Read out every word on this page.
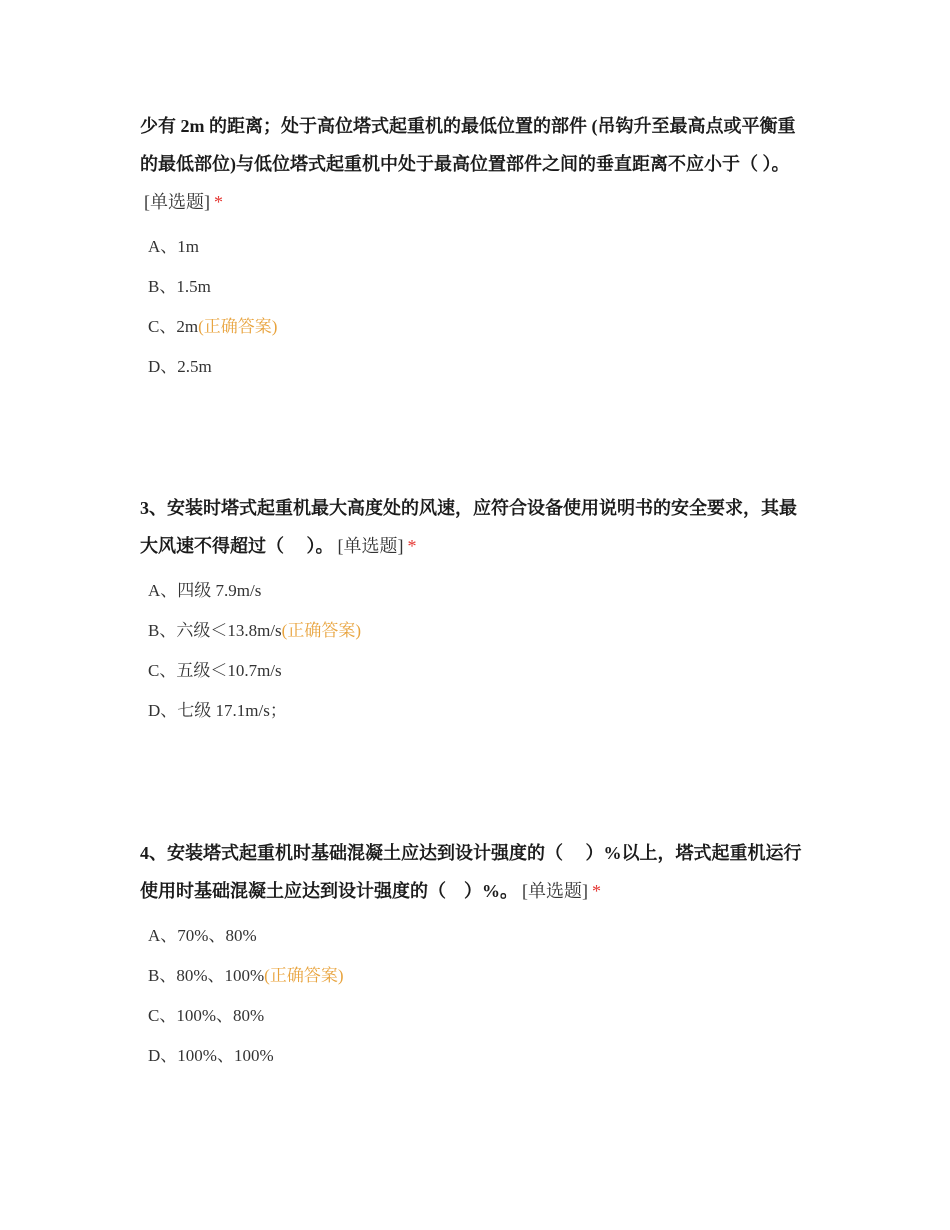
少有 2m 的距离；处于高位塔式起重机的最低位置的部件 (吊钩升至最高点或平衡重的最低部位)与低位塔式起重机中处于最高位置部件之间的垂直距离不应小于（ ）。[单选题] *

A、1m
B、1.5m
C、2m(正确答案)
D、2.5m

3、安装时塔式起重机最大高度处的风速，应符合设备使用说明书的安全要求，其最大风速不得超过（　 ）。 [单选题] *

A、四级 7.9m/s
B、六级＜13.8m/s(正确答案)
C、五级＜10.7m/s
D、七级 17.1m/s；

4、安装塔式起重机时基础混凝土应达到设计强度的（　 ）%以上，塔式起重机运行使用时基础混凝土应达到设计强度的（　）%。 [单选题] *

A、70%、80%
B、80%、100%(正确答案)
C、100%、80%
D、100%、100%
